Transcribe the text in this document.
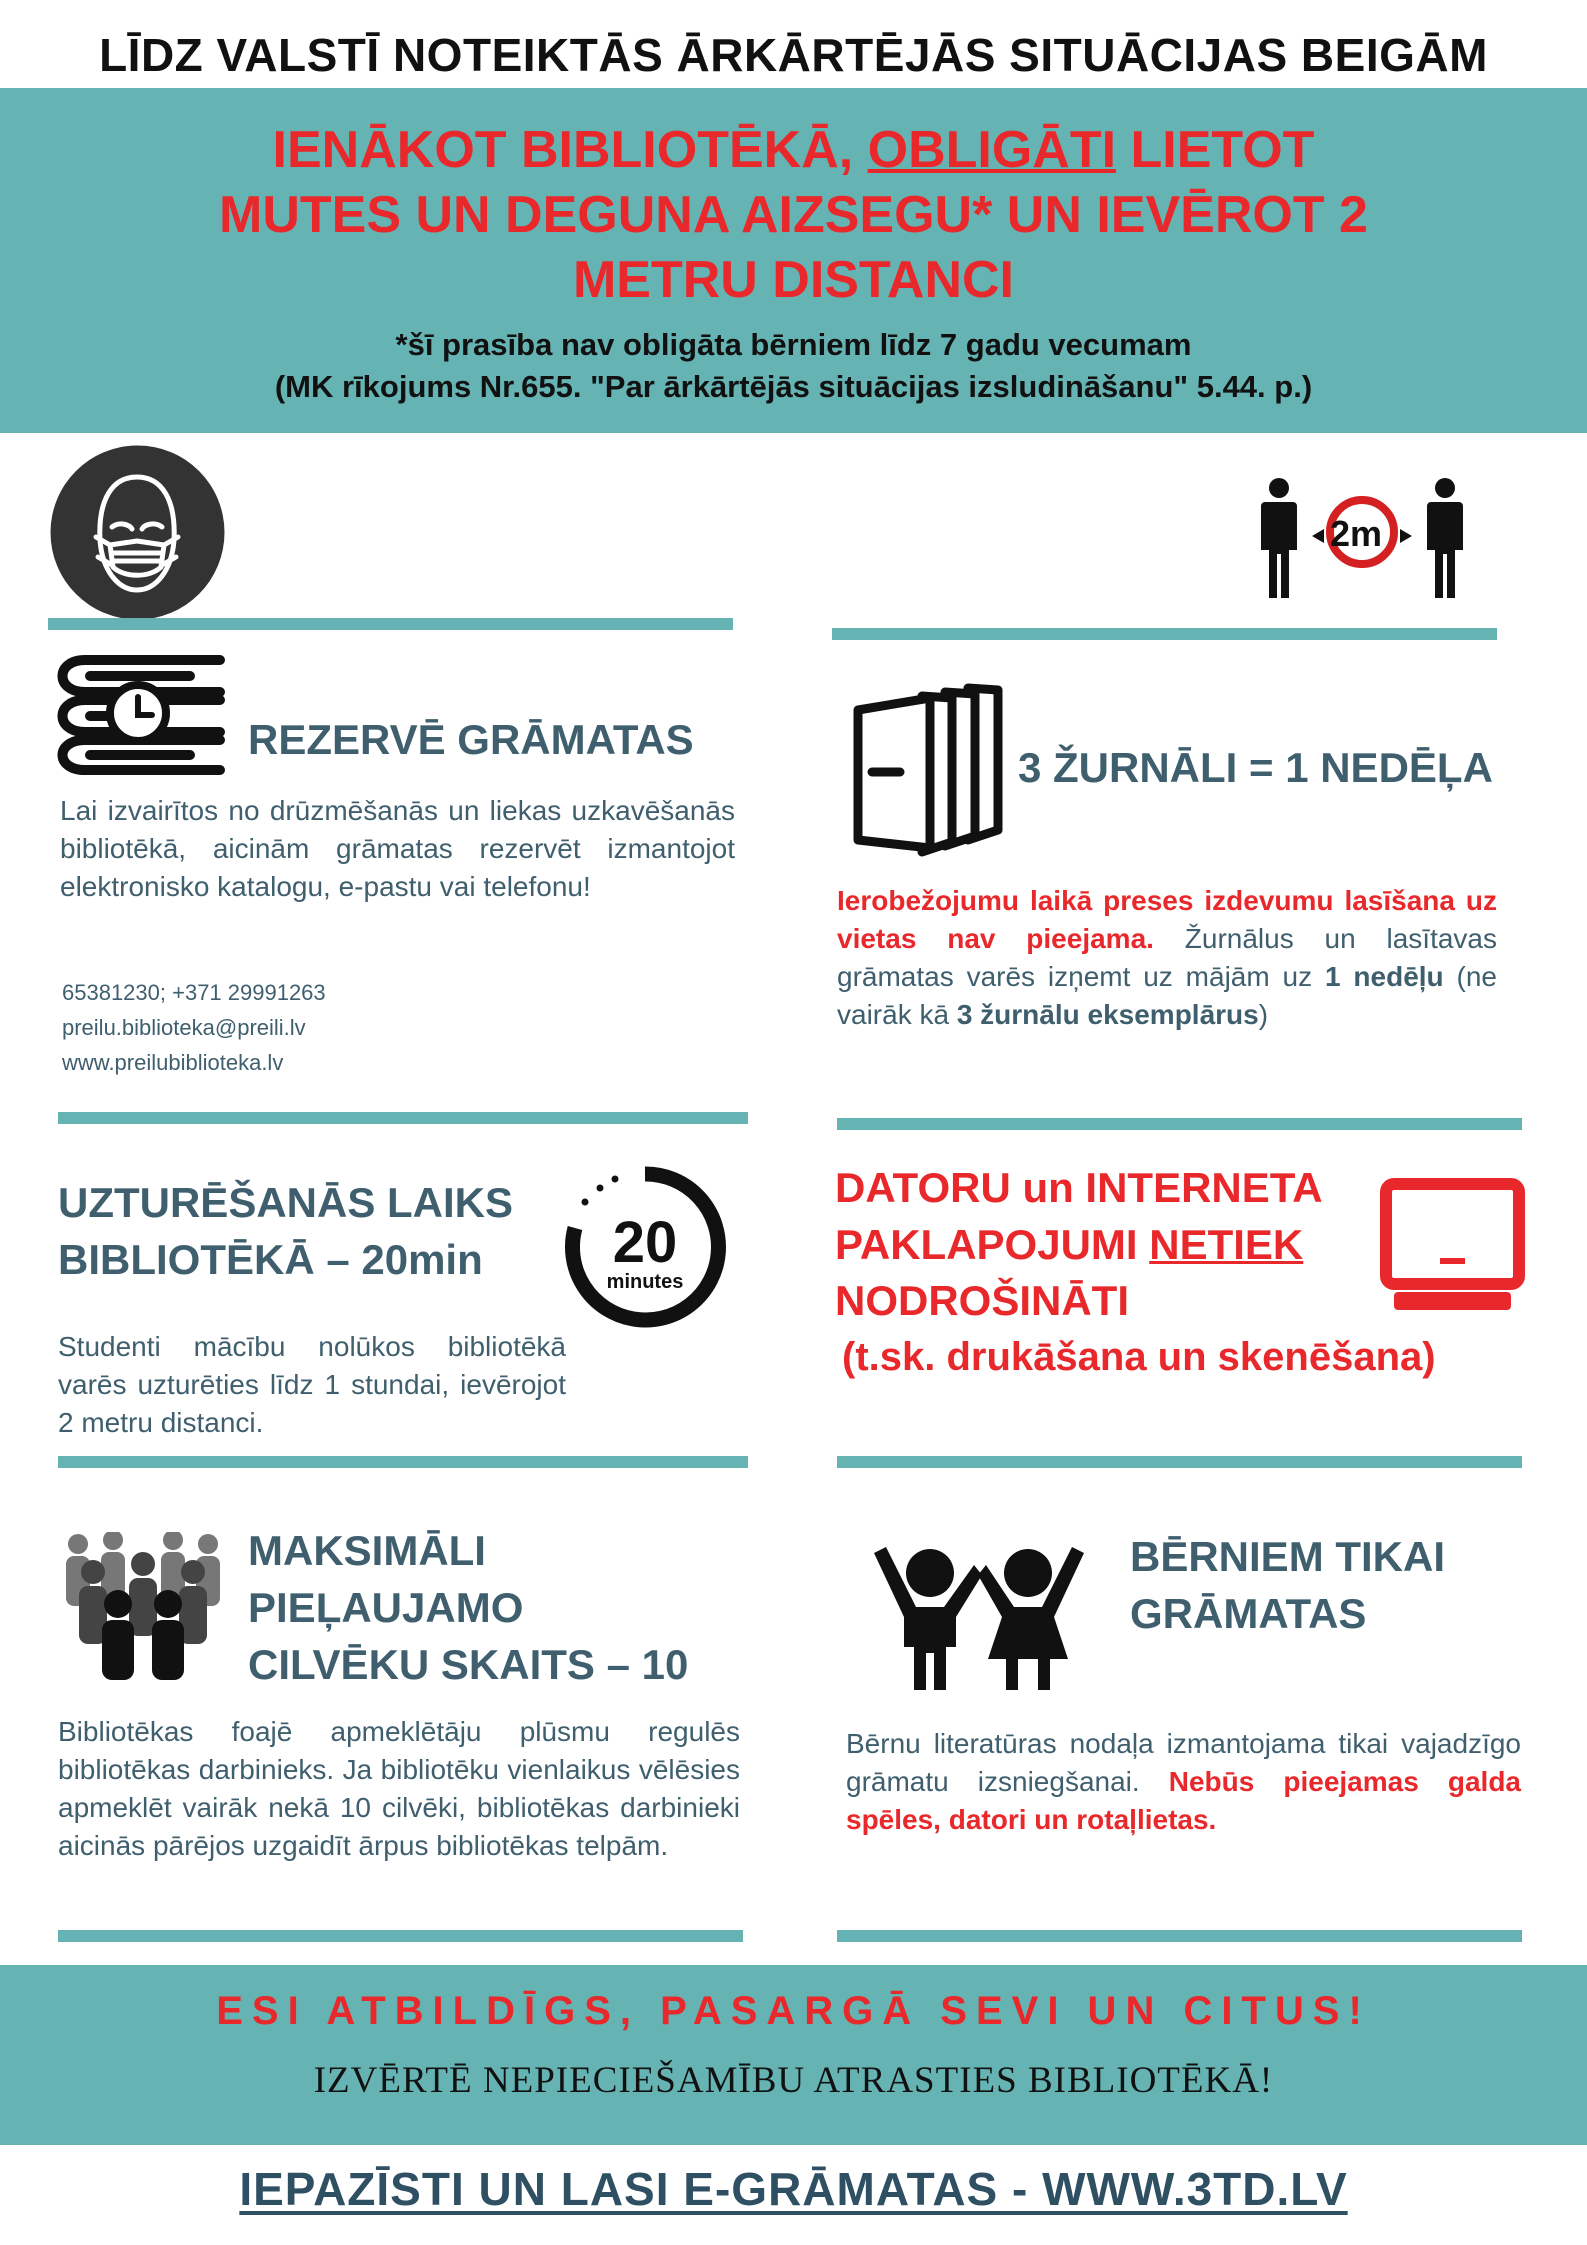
LĪDZ VALSTĪ NOTEIKTĀS ĀRKĀRTĒJĀS SITUĀCIJAS BEIGĀM
IENĀKOT BIBLIOTĒKĀ, OBLIGĀTI LIETOT
MUTES UN DEGUNA AIZSEGU* UN IEVĒROT 2
METRU DISTANCI
*šī prasība nav obligāta bērniem līdz 7 gadu vecumam
(MK rīkojums Nr.655. "Par ārkārtējās situācijas izsludināšanu" 5.44. p.)
2m
REZERVĒ GRĀMATAS
Lai izvairītos no drūzmēšanās un liekas uzkavēšanās bibliotēkā, aicinām grāmatas rezervēt izmantojot elektronisko katalogu, e-pastu vai telefonu!
65381230; +371 29991263
preilu.biblioteka@preili.lv
www.preilubiblioteka.lv
3 ŽURNĀLI = 1 NEDĒĻA
Ierobežojumu laikā preses izdevumu lasīšana uz vietas nav pieejama. Žurnālus un lasītavas grāmatas varēs izņemt uz mājām uz 1 nedēļu (ne vairāk kā 3 žurnālu eksemplārus)
UZTURĒŠANĀS LAIKS
BIBLIOTĒKĀ – 20min	20
minutes
Studenti mācību nolūkos bibliotēkā varēs uzturēties līdz 1 stundai, ievērojot 2 metru distanci.
DATORU un INTERNETA
PAKLAPOJUMI NETIEK
NODROŠINĀTI
(t.sk. drukāšana un skenēšana)
MAKSIMĀLI
PIEĻAUJAMO
CILVĒKU SKAITS – 10
Bibliotēkas foajē apmeklētāju plūsmu regulēs bibliotēkas darbinieks. Ja bibliotēku vienlaikus vēlēsies apmeklēt vairāk nekā 10 cilvēki, bibliotēkas darbinieki aicinās pārējos uzgaidīt ārpus bibliotēkas telpām.
BĒRNIEM TIKAI
GRĀMATAS
Bērnu literatūras nodaļa izmantojama tikai vajadzīgo grāmatu izsniegšanai. Nebūs pieejamas galda spēles, datori un rotaļlietas.
ESI ATBILDĪGS, PASARGĀ SEVI UN CITUS!
IZVĒRTĒ NEPIECIEŠAMĪBU ATRASTIES BIBLIOTĒKĀ!
IEPAZĪSTI UN LASI E-GRĀMATAS - WWW.3TD.LV
